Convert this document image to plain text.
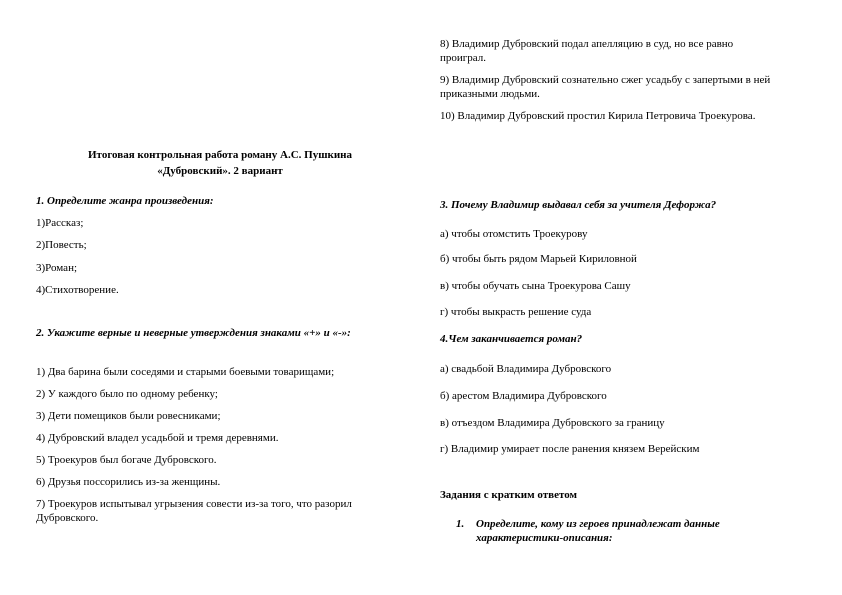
8) Владимир Дубровский подал апелляцию в суд, но все равно
проиграл.
9) Владимир Дубровский сознательно сжег усадьбу с запертыми в ней
приказными людьми.
10) Владимир Дубровский простил Кирила Петровича Троекурова.
Итоговая контрольная работа роману А.С. Пушкина
«Дубровский». 2 вариант
1. Определите жанра произведения:
1)Рассказ;
2)Повесть;
3)Роман;
4)Стихотворение.
2. Укажите верные и неверные утверждения знаками «+» и «-»:
1) Два барина были соседями и старыми боевыми товарищами;
2) У каждого было по одному ребенку;
3) Дети помещиков были ровесниками;
4) Дубровский владел усадьбой и тремя деревнями.
5) Троекуров был богаче Дубровского.
6) Друзья поссорились из-за женщины.
7) Троекуров испытывал угрызения совести из-за того, что разорил
Дубровского.
3. Почему Владимир выдавал себя за учителя Дефоржа?
а) чтобы отомстить Троекурову
б) чтобы быть рядом Марьей Кириловной
в) чтобы обучать сына Троекурова Сашу
г) чтобы выкрасть решение суда
4.Чем заканчивается роман?
а) свадьбой Владимира Дубровского
б) арестом Владимира Дубровского
в) отъездом Владимира Дубровского за границу
г) Владимир умирает после ранения князем Верейским
Задания с кратким ответом
1. Определите, кому из героев принадлежат данные
характеристики-описания:
